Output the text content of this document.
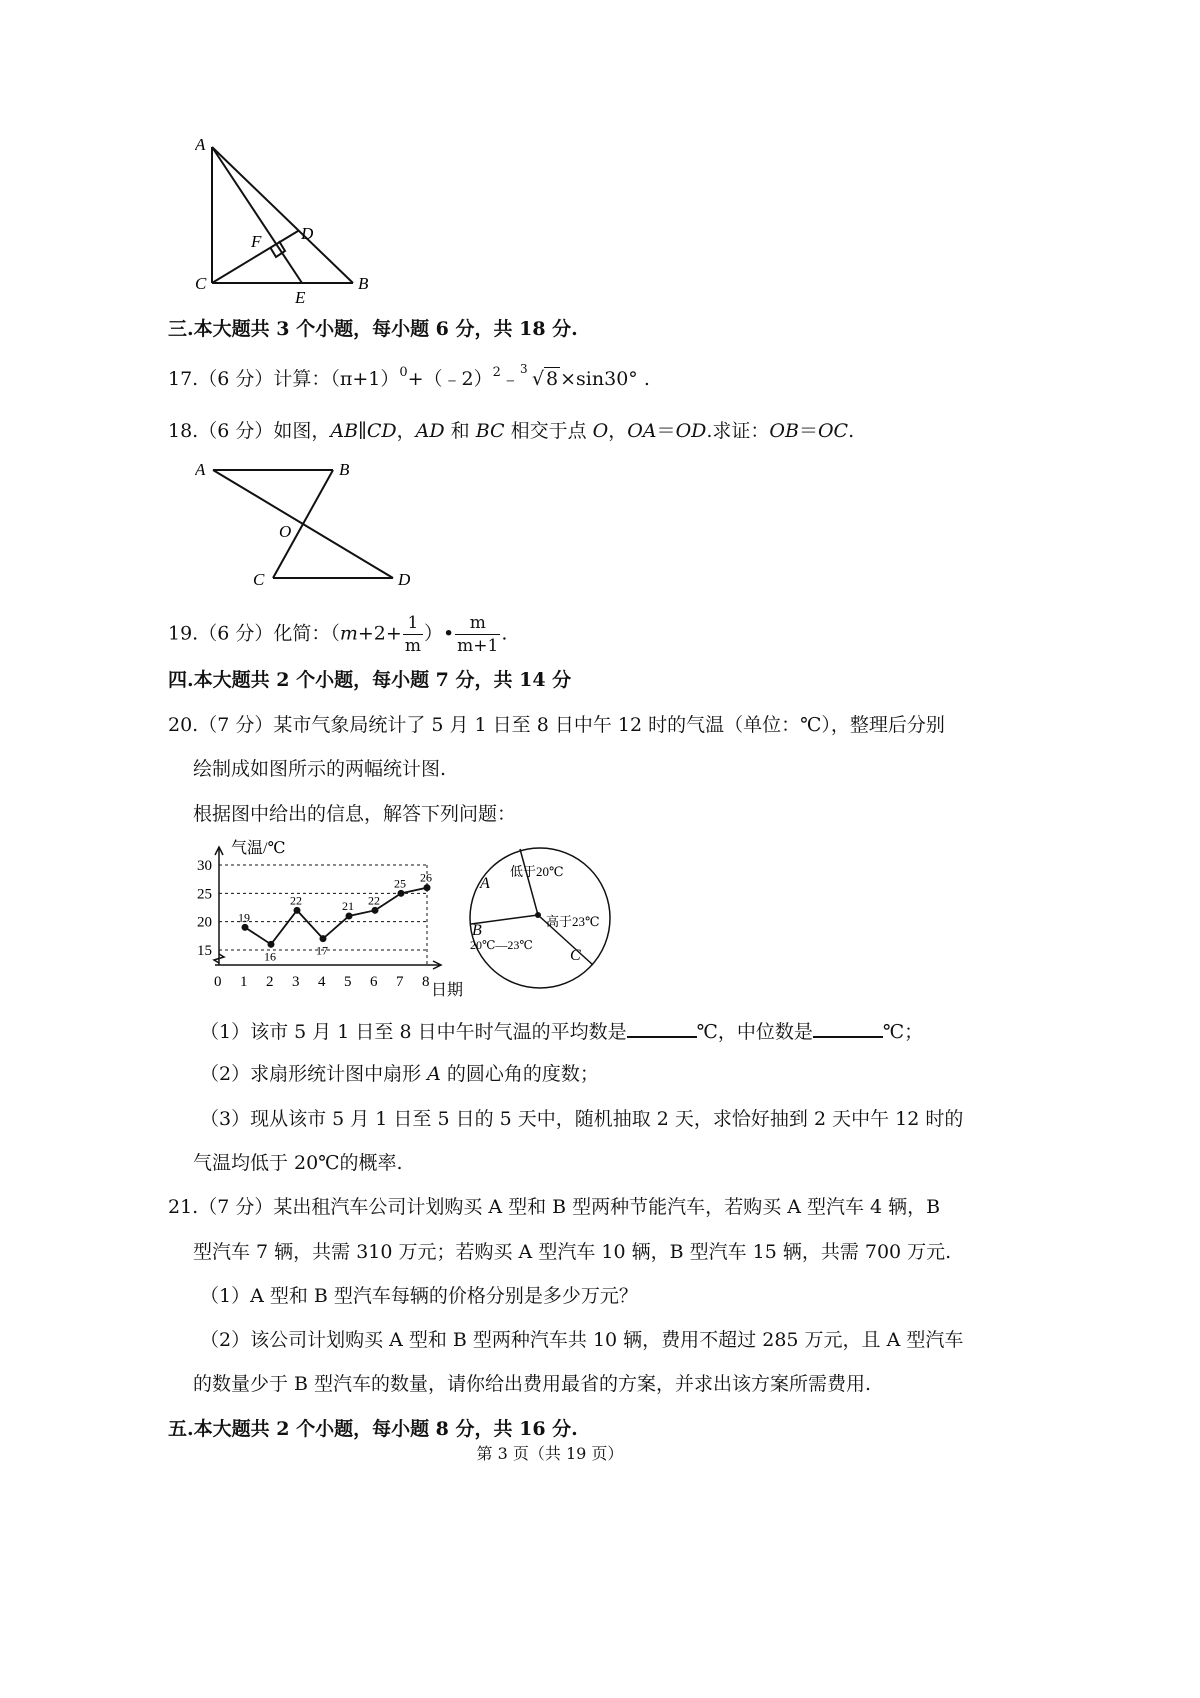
A
D
F
C
E
B
三.本大题共 3 个小题，每小题 6 分，共 18 分.
17.（6 分）计算：$(\pi+1)^0+(﹣2)^2﹣$ 3 √ 8 ×sin30° .
18.（6 分）如图，AB∥CD，AD 和 BC 相交于点 O，OA＝OD.求证：OB＝OC.
A	B
O
C	D
19.（6 分）化简：（$m+2+ \frac{1}{m}$ ）• $\frac{m}{m+1}$ .
四.本大题共 2 个小题，每小题 7 分，共 14 分
20.（7 分）某市气象局统计了 5 月 1 日至 8 日中午 12 时的气温（单位：℃），整理后分别
绘制成如图所示的两幅统计图.
根据图中给出的信息，解答下列问题：
气温/℃
日期
15
20
25
30
0 1 2 3 4 5 6 7 8
19
16
22
17
21 22
25 26	低于20℃
A
高于23℃
B
20℃—23℃
C
（1）该市 5 月 1 日至 8 日中午时气温的平均数是	℃，中位数是	℃；
（2）求扇形统计图中扇形 A 的圆心角的度数；
（3）现从该市 5 月 1 日至 5 日的 5 天中，随机抽取 2 天，求恰好抽到 2 天中午 12 时的
气温均低于 20℃的概率.
21.（7 分）某出租汽车公司计划购买 A 型和 B 型两种节能汽车，若购买 A 型汽车 4 辆，B
型汽车 7 辆，共需 310 万元；若购买 A 型汽车 10 辆，B 型汽车 15 辆，共需 700 万元.
（1）A 型和 B 型汽车每辆的价格分别是多少万元？
（2）该公司计划购买 A 型和 B 型两种汽车共 10 辆，费用不超过 285 万元，且 A 型汽车
的数量少于 B 型汽车的数量，请你给出费用最省的方案，并求出该方案所需费用.
五.本大题共 2 个小题，每小题 8 分，共 16 分.
第 3 页（共 19 页）
